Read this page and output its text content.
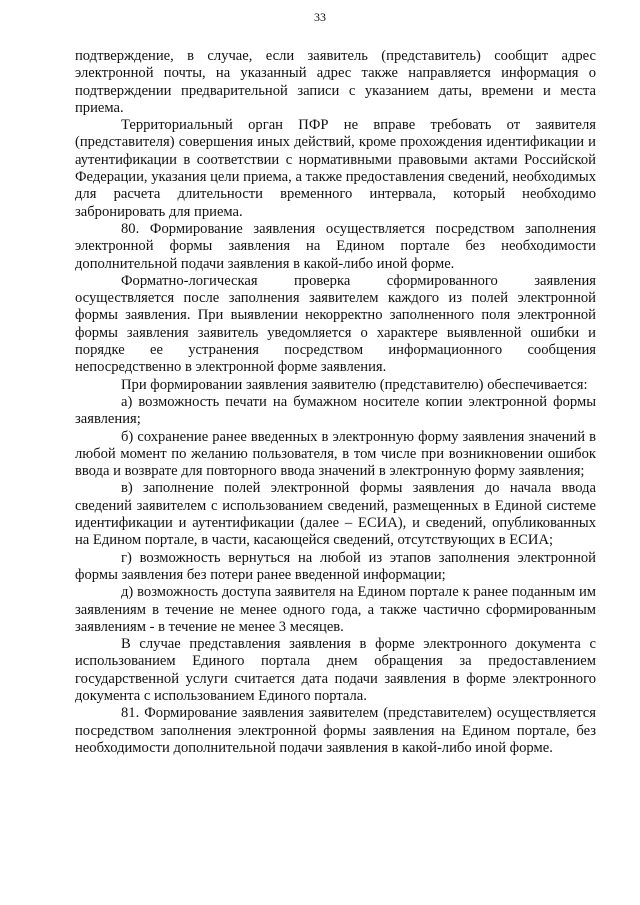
33

подтверждение, в случае, если заявитель (представитель) сообщит адрес электронной почты, на указанный адрес также направляется информация о подтверждении предварительной записи с указанием даты, времени и места приема.

Территориальный орган ПФР не вправе требовать от заявителя (представителя) совершения иных действий, кроме прохождения идентификации и аутентификации в соответствии с нормативными правовыми актами Российской Федерации, указания цели приема, а также предоставления сведений, необходимых для расчета длительности временного интервала, который необходимо забронировать для приема.

80. Формирование заявления осуществляется посредством заполнения электронной формы заявления на Едином портале без необходимости дополнительной подачи заявления в какой-либо иной форме.

Форматно-логическая проверка сформированного заявления осуществляется после заполнения заявителем каждого из полей электронной формы заявления. При выявлении некорректно заполненного поля электронной формы заявления заявитель уведомляется о характере выявленной ошибки и порядке ее устранения посредством информационного сообщения непосредственно в электронной форме заявления.

При формировании заявления заявителю (представителю) обеспечивается:

а) возможность печати на бумажном носителе копии электронной формы заявления;

б) сохранение ранее введенных в электронную форму заявления значений в любой момент по желанию пользователя, в том числе при возникновении ошибок ввода и возврате для повторного ввода значений в электронную форму заявления;

в) заполнение полей электронной формы заявления до начала ввода сведений заявителем с использованием сведений, размещенных в Единой системе идентификации и аутентификации (далее – ЕСИА), и сведений, опубликованных на Едином портале, в части, касающейся сведений, отсутствующих в ЕСИА;

г) возможность вернуться на любой из этапов заполнения электронной формы заявления без потери ранее введенной информации;

д) возможность доступа заявителя на Едином портале к ранее поданным им заявлениям в течение не менее одного года, а также частично сформированным заявлениям - в течение не менее 3 месяцев.

В случае представления заявления в форме электронного документа с использованием Единого портала днем обращения за предоставлением государственной услуги считается дата подачи заявления в форме электронного документа с использованием Единого портала.

81. Формирование заявления заявителем (представителем) осуществляется посредством заполнения электронной формы заявления на Едином портале, без необходимости дополнительной подачи заявления в какой-либо иной форме.
